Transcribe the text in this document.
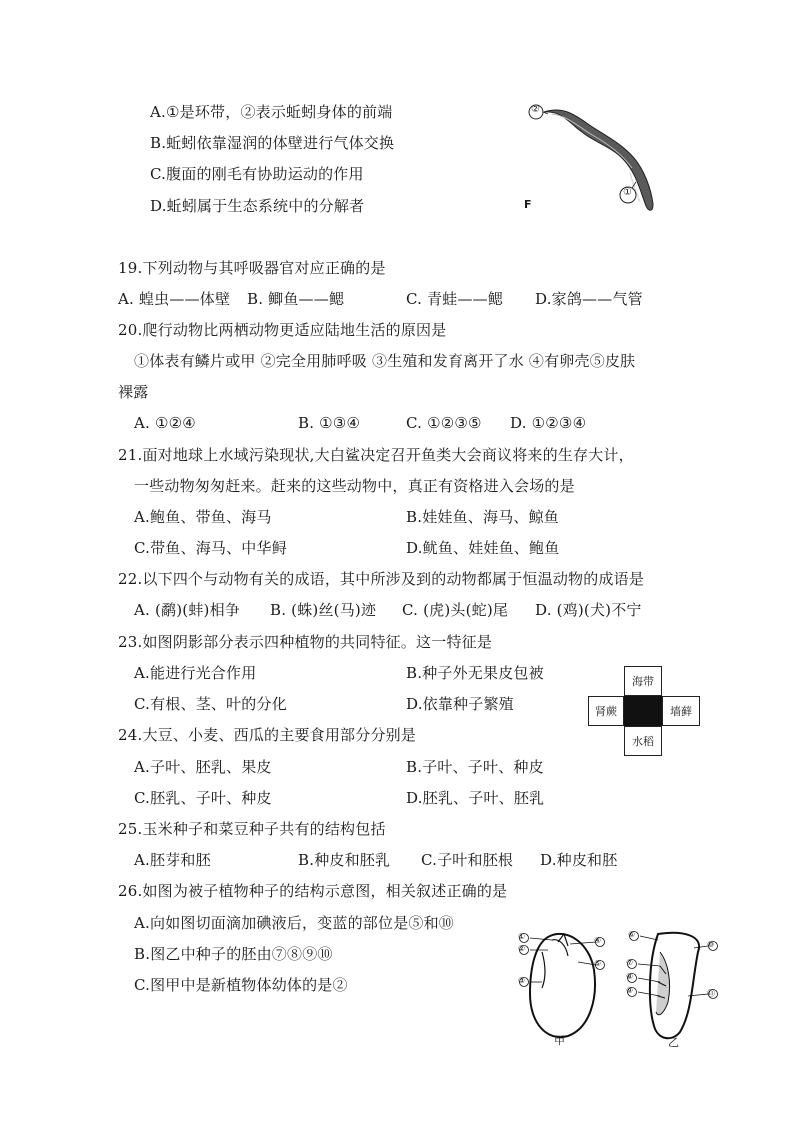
A.①是环带，②表示蚯蚓身体的前端
B.蚯蚓依靠湿润的体壁进行气体交换
C.腹面的刚毛有协助运动的作用
D.蚯蚓属于生态系统中的分解者
②
①
F
19.下列动物与其呼吸器官对应正确的是
A. 蝗虫——体壁 B. 鲫鱼——鳃	C. 青蛙——鳃 D.家鸽——气管
20.爬行动物比两栖动物更适应陆地生活的原因是
①体表有鳞片或甲 ②完全用肺呼吸 ③生殖和发育离开了水 ④有卵壳⑤皮肤
裸露
A. ①②④	B. ①③④	C. ①②③⑤ D. ①②③④
21.面对地球上水域污染现状,大白鲨决定召开鱼类大会商议将来的生存大计，
一些动物匆匆赶来。赶来的这些动物中，真正有资格进入会场的是
A.鲍鱼、带鱼、海马	B.娃娃鱼、海马、鲸鱼
C.带鱼、海马、中华鲟	D.鱿鱼、娃娃鱼、鲍鱼
22.以下四个与动物有关的成语，其中所涉及到的动物都属于恒温动物的成语是
A. (鹬)(蚌)相争 B. (蛛)丝(马)迹 C. (虎)头(蛇)尾 D. (鸡)(犬)不宁
23.如图阴影部分表示四种植物的共同特征。这一特征是
A.能进行光合作用	B.种子外无果皮包被
C.有根、茎、叶的分化	D.依靠种子繁殖
海带
肾蕨	墙藓
水稻
24.大豆、小麦、西瓜的主要食用部分分别是
A.子叶、胚乳、果皮	B.子叶、子叶、种皮
C.胚乳、子叶、种皮	D.胚乳、子叶、胚乳
25.玉米种子和菜豆种子共有的结构包括
A.胚芽和胚	B.种皮和胚乳 C.子叶和胚根 D.种皮和胚
26.如图为被子植物种子的结构示意图，相关叙述正确的是
A.向如图切面滴加碘液后，变蓝的部位是⑤和⑩
B.图乙中种子的胚由⑦⑧⑨⑩
C.图甲中是新植物体幼体的是②
①
②
③
④
⑤
⑥
⑦
⑧
⑨
⑩
⑪
甲	乙
